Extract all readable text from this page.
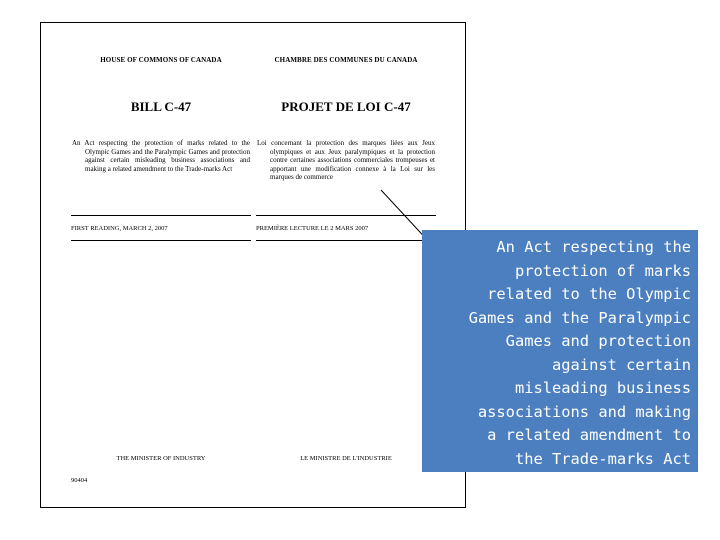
HOUSE OF COMMONS OF CANADA	CHAMBRE DES COMMUNES DU CANADA
BILL C-47	PROJET DE LOI C-47
An Act respecting the protection of marks related to the Olympic Games and the Paralympic Games and protection against certain misleading business associations and making a related amendment to the Trade-marks Act
Loi concernant la protection des marques liées aux Jeux olympiques et aux Jeux paralympiques et la protection contre certaines associations commerciales trompeuses et apportant une modification connexe à la Loi sur les marques de commerce
FIRST READING, MARCH 2, 2007	PREMIÈRE LECTURE LE 2 MARS 2007
THE MINISTER OF INDUSTRY	LE MINISTRE DE L'INDUSTRIE
90404
An Act respecting the
protection of marks
related to the Olympic
Games and the Paralympic
Games and protection
against certain
misleading business
associations and making
a related amendment to
the Trade-marks Act
